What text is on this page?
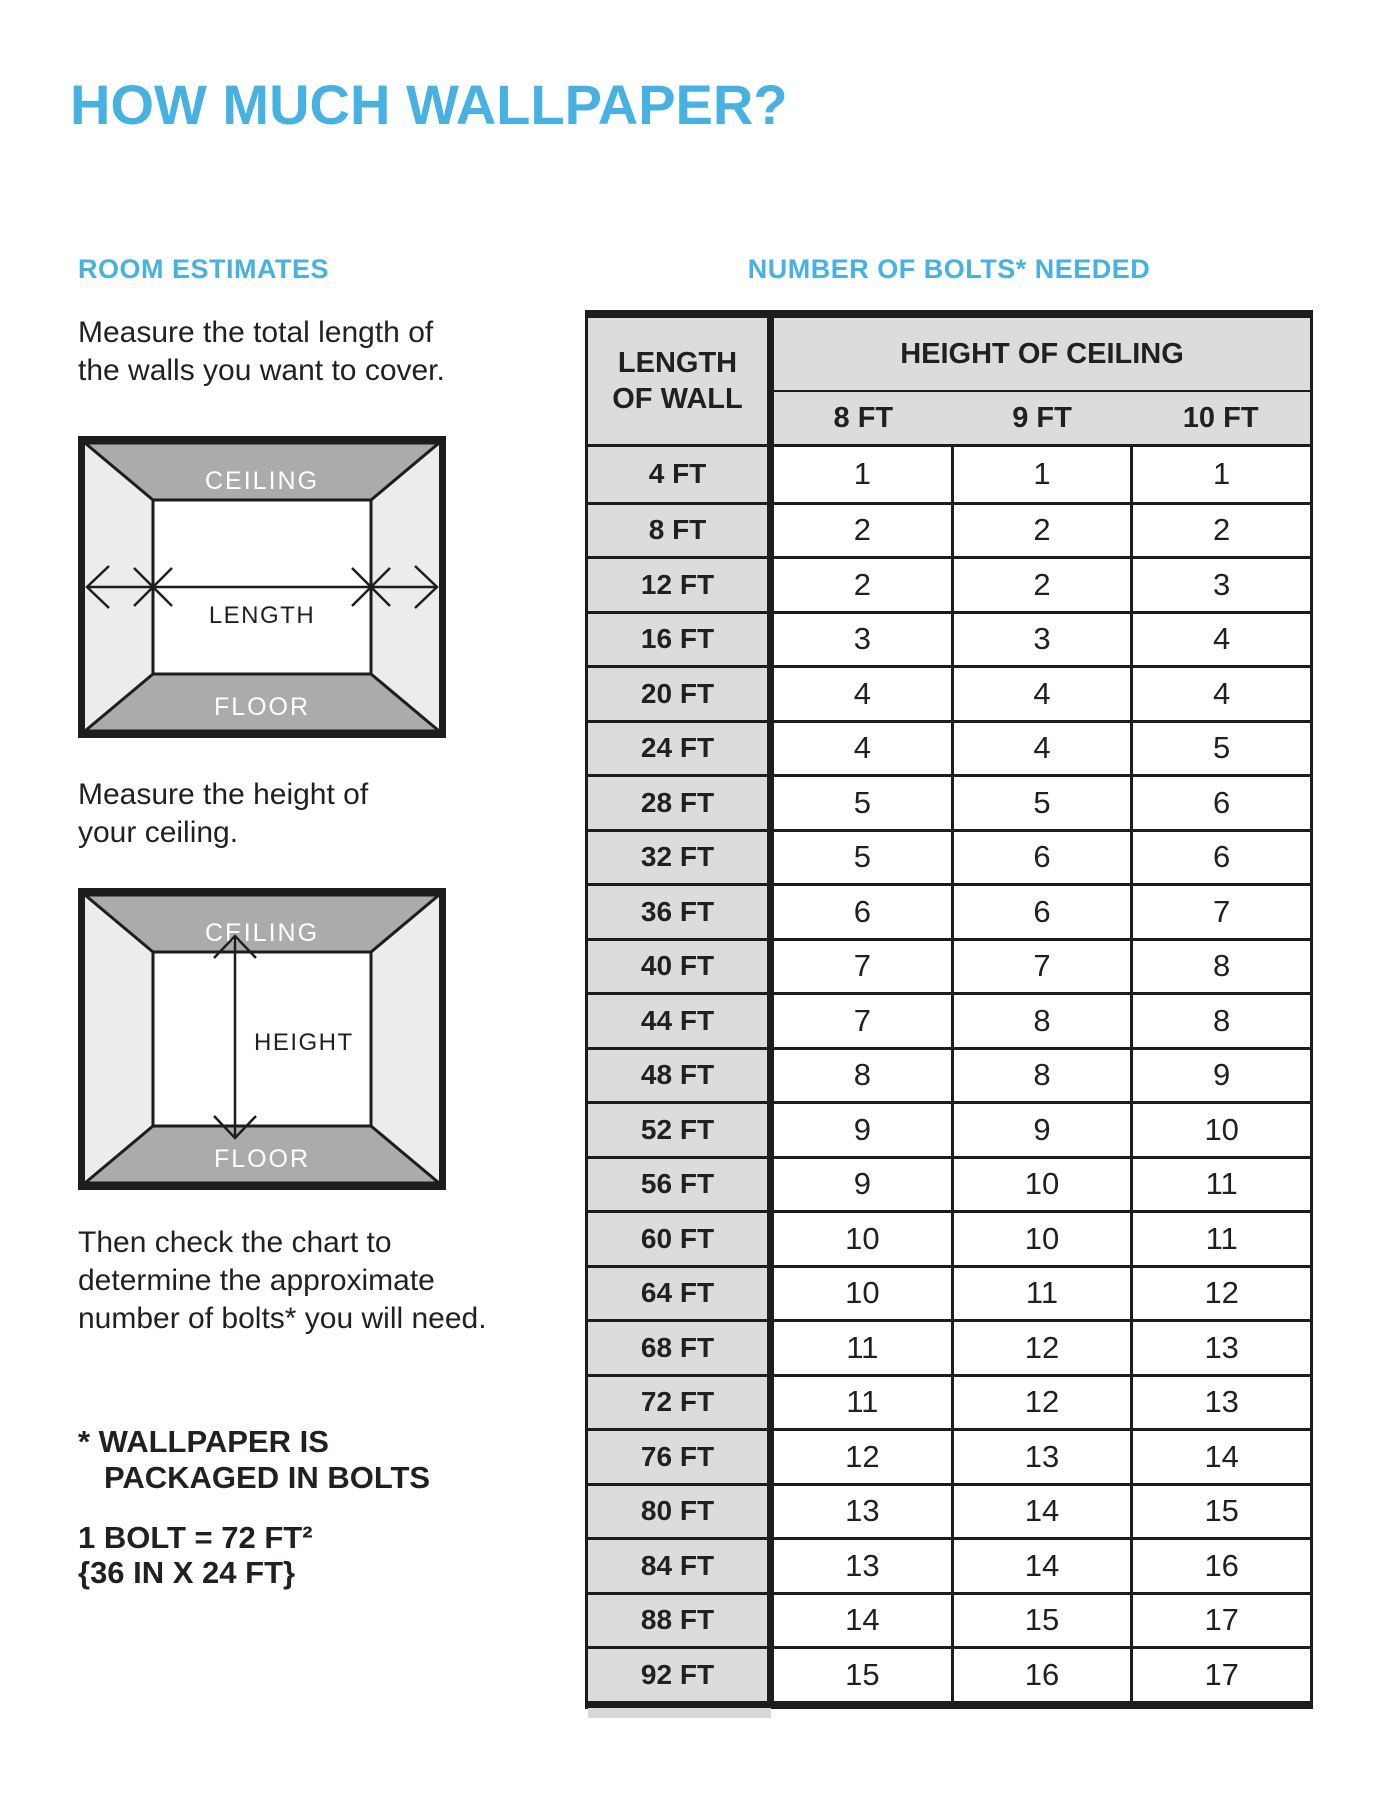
HOW MUCH WALLPAPER?
ROOM ESTIMATES
Measure the total length of
the walls you want to cover.
CEILING
FLOOR
LENGTH
Measure the height of
your ceiling.
CEILING
FLOOR
HEIGHT
Then check the chart to
determine the approximate
number of bolts* you will need.
* WALLPAPER IS
PACKAGED IN BOLTS
1 BOLT = 72 FT²
{36 IN X 24 FT}
NUMBER OF BOLTS* NEEDED
LENGTH
OF WALL
HEIGHT OF CEILING
8 FT	9 FT	10 FT
4 FT	1	1	1
8 FT	2	2	2
12 FT	2	2	3
16 FT	3	3	4
20 FT	4	4	4
24 FT	4	4	5
28 FT	5	5	6
32 FT	5	6	6
36 FT	6	6	7
40 FT	7	7	8
44 FT	7	8	8
48 FT	8	8	9
52 FT	9	9	10
56 FT	9	10	11
60 FT	10	10	11
64 FT	10	11	12
68 FT	11	12	13
72 FT	11	12	13
76 FT	12	13	14
80 FT	13	14	15
84 FT	13	14	16
88 FT	14	15	17
92 FT	15	16	17
